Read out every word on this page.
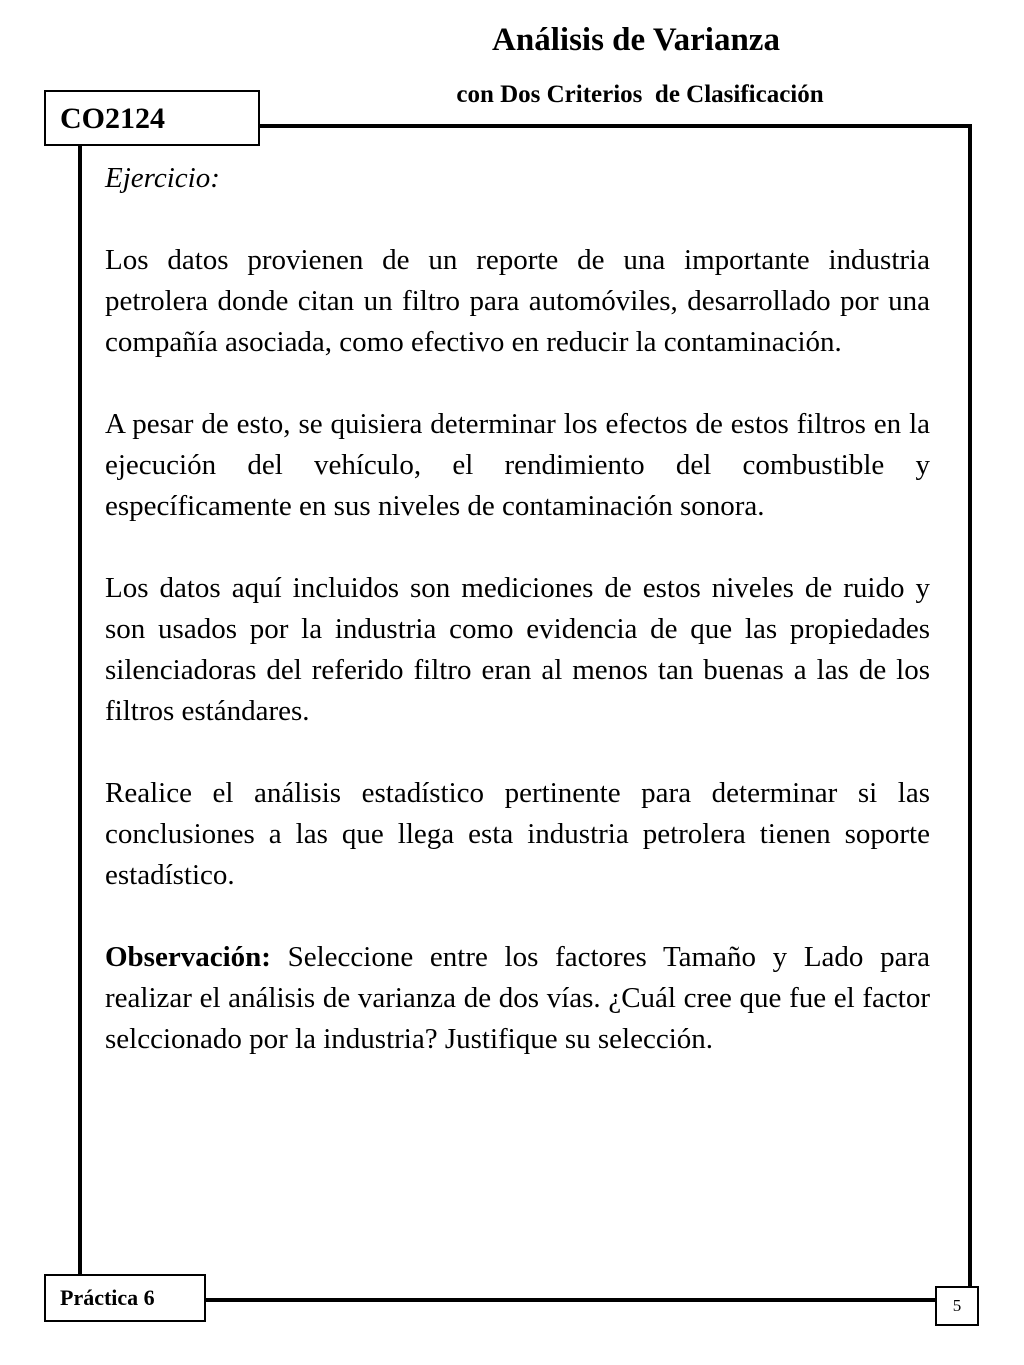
Análisis de Varianza
con Dos Criterios  de Clasificación
CO2124
Ejercicio:

Los datos provienen de un reporte de una importante industria petrolera donde citan un filtro para automóviles, desarrollado por una compañía asociada, como efectivo en reducir la contaminación.

A pesar de esto, se quisiera determinar los efectos de estos filtros en la ejecución del vehículo, el rendimiento del combustible y específicamente en sus niveles de contaminación sonora.

Los datos aquí incluidos son mediciones de estos niveles de ruido y son usados por la industria como evidencia de que las propiedades silenciadoras del referido filtro eran al menos tan buenas a las de los filtros estándares.

Realice el análisis estadístico pertinente para determinar si las conclusiones a las que llega esta industria petrolera tienen soporte estadístico.

Observación: Seleccione entre los factores Tamaño y Lado para realizar el análisis de varianza de dos vías. ¿Cuál cree que fue el factor selccionado por la industria? Justifique su selección.

Práctica 6	5
